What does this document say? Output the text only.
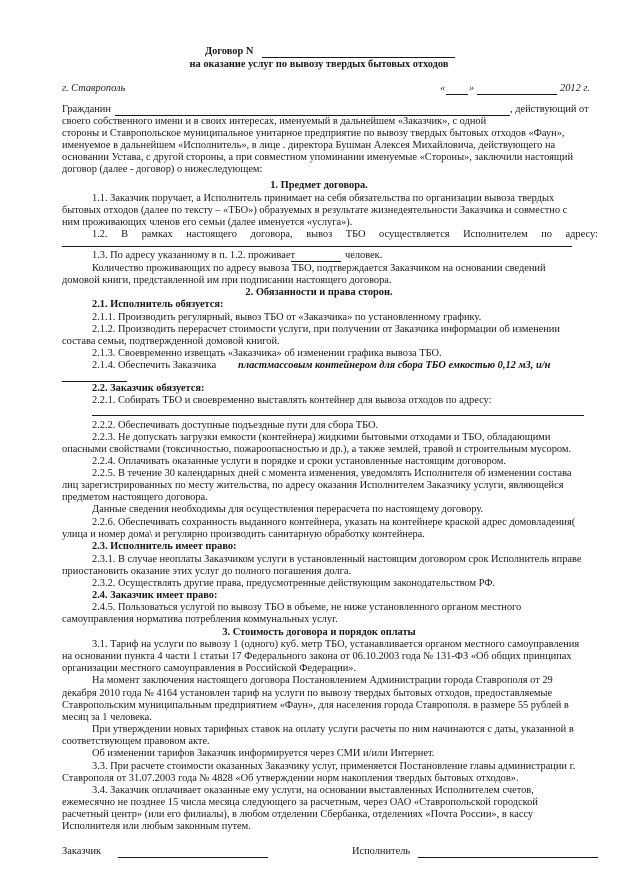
Договор N
на оказание услуг по вывозу твердых бытовых отходов
г. Ставрополь	«	»	2012 г.
Гражданин	, действующий от
своего собственного имени и в своих интересах, именуемый в дальнейшем «Заказчик», с одной
стороны и Ставропольское муниципальное унитарное предприятие по вывозу твердых бытовых отходов «Фаун»,
именуемое в дальнейшем «Исполнитель», в лице . директора Бушман Алексея Михайловича, действующего на
основании Устава, с другой стороны, а при совместном упоминании именуемые «Стороны», заключили настоящий
договор (далее - договор) о нижеследующем:
1. Предмет договора.
1.1. Заказчик поручает, а Исполнитель принимает на себя обязательства по организации вывоза твердых
бытовых отходов (далее по тексту – «ТБО») образуемых в результате жизнедеятельности Заказчика и совместно с
ним проживающих членов его семьи (далее именуется «услуга»).
1.2. В рамках настоящего договора, вывоз ТБО осуществляется Исполнителем по адресу:
1.3. По адресу указанному в п. 1.2. проживает	человек.
Количество проживающих по адресу вывоза ТБО, подтверждается Заказчиком на основании сведений
домовой книги, представленной им при подписании настоящего договора.
2. Обязанности и права сторон.
2.1. Исполнитель обязуется:
2.1.1. Производить регулярный, вывоз ТБО от «Заказчика» по установленному графику.
2.1.2. Производить перерасчет стоимости услуги, при получении от Заказчика информации об изменении
состава семьи, подтвержденной домовой книгой.
2.1.3. Своевременно извещать «Заказчика» об изменении графика вывоза ТБО.
2.1.4. Обеспечить Заказчика	пластмассовым контейнером для сбора ТБО емкостью 0,12 м3, и/н
2.2. Заказчик обязуется:
2.2.1. Собирать ТБО и своевременно выставлять контейнер для вывоза отходов по адресу:
2.2.2. Обеспечивать доступные подъездные пути для сбора ТБО.
2.2.3. Не допускать загрузки емкости (контейнера) жидкими бытовыми отходами и ТБО, обладающими
опасными свойствами (токсичностью, пожароопасностью и др.), а также землей, травой и строительным мусором.
2.2.4. Оплачивать оказанные услуги в порядке и сроки установленные настоящим договором.
2.2.5. В течение 30 календарных дней с момента изменения, уведомлять Исполнителя об изменении состава
лиц зарегистрированных по месту жительства, по адресу оказания Исполнителем Заказчику услуги, являющейся
предметом настоящего договора.
Данные сведения необходимы для осуществления перерасчета по настоящему договору.
2.2.6. Обеспечивать сохранность выданного контейнера, указать на контейнере краской адрес домовладения(
улица и номер дома\ и регулярно производить санитарную обработку контейнера.
2.3. Исполнитель имеет право:
2.3.1. В случае неоплаты Заказчиком услуги в установленный настоящим договором срок Исполнитель вправе
приостановить оказание этих услуг до полного погашения долга.
2.3.2. Осуществлять другие права, предусмотренные действующим законодательством РФ.
2.4. Заказчик имеет право:
2.4.5. Пользоваться услугой по вывозу ТБО в объеме, не ниже установленного органом местного
самоуправления норматива потребления коммунальных услуг.
3. Стоимость договора и порядок оплаты
3.1. Тариф на услуги по вывозу 1 (одного) куб. метр ТБО, устанавливается органом местного самоуправления
на основании пункта 4 части 1 статьи 17 Федерального закона от 06.10.2003 года № 131-ФЗ «Об общих принципах
организации местного самоуправления в Российской Федерации».
На момент заключения настоящего договора Постановлением Администрации города Ставрополя от 29
декабря 2010 года № 4164 установлен тариф на услуги по вывозу твердых бытовых отходов, предоставляемые
Ставропольским муниципальным предприятием «Фаун», для населения города Ставрополя. в размере 55 рублей в
месяц за 1 человека.
При утверждении новых тарифных ставок на оплату услуги расчеты по ним начинаются с даты, указанной в
соответствующем правовом акте.
Об изменении тарифов Заказчик информируется через СМИ и/или Интернет.
3.3. При расчете стоимости оказанных Заказчику услуг, применяется Постановление главы администрации г.
Ставрополя от 31.07.2003 года № 4828 «Об утверждении норм накопления твердых бытовых отходов».
3.4. Заказчик оплачивает оказанные ему услуги, на основании выставленных Исполнителем счетов,
ежемесячно не позднее 15 числа месяца следующего за расчетным, через ОАО «Ставропольской городской
расчетный центр» (или его филиалы), в любом отделении Сбербанка, отделениях «Почта России», в кассу
Исполнителя или любым законным путем.
Заказчик	Исполнитель
